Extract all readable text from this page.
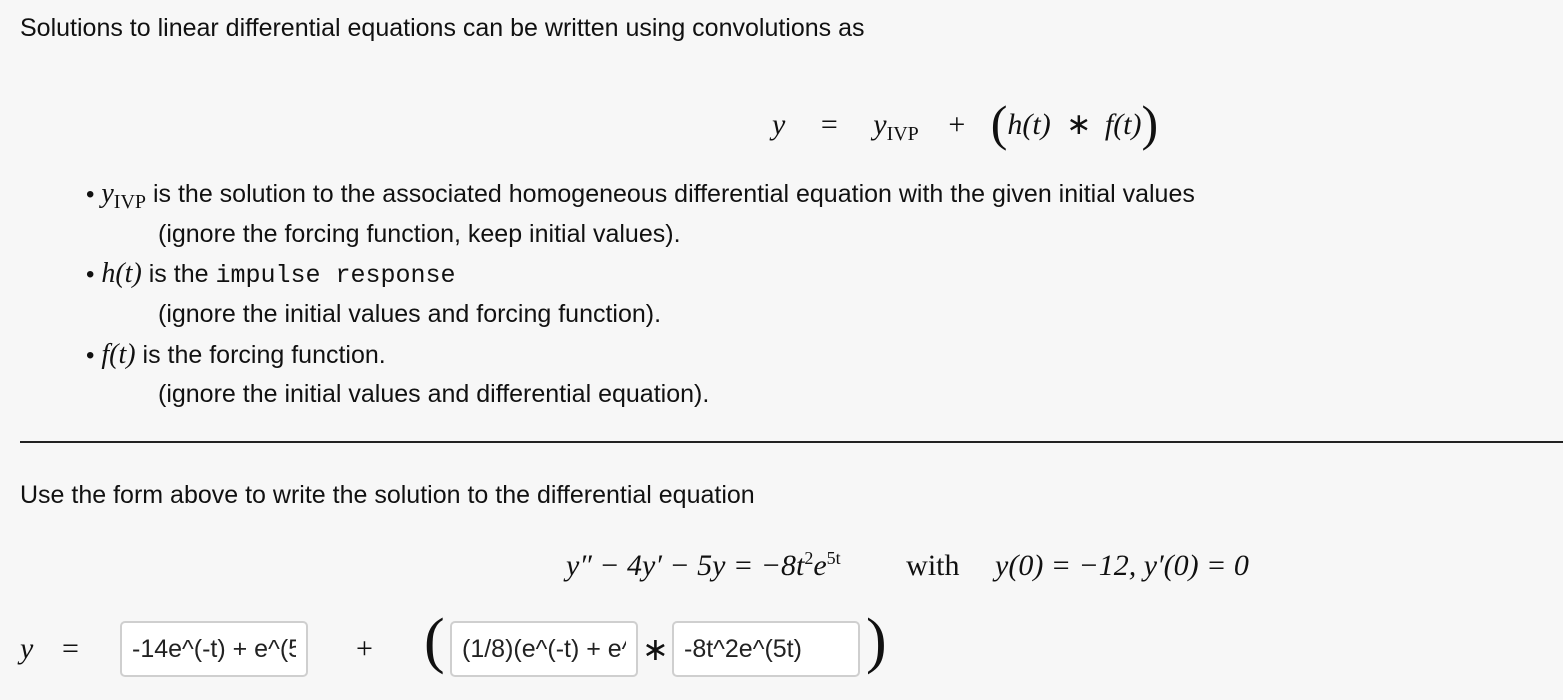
Solutions to linear differential equations can be written using convolutions as
$y = y_{IVP} + (h(t)$ ∗ f(t))
• $y_{IVP}$ is the solution to the associated homogeneous differential equation with the given initial values
(ignore the forcing function, keep initial values).
• h(t) is the impulse response
(ignore the initial values and forcing function).
• f(t) is the forcing function.
(ignore the initial values and differential equation).
Use the form above to write the solution to the differential equation
$y'' - 4y' - 5y = -8t^2e^{5t}$ with y(0) = −12, y′(0) = 0
y =
-14e^(-t) + e^(5t)	+ (
(1/8)(e^(-t) + e^(5t))	∗
-8t^2e^(5t)	)
